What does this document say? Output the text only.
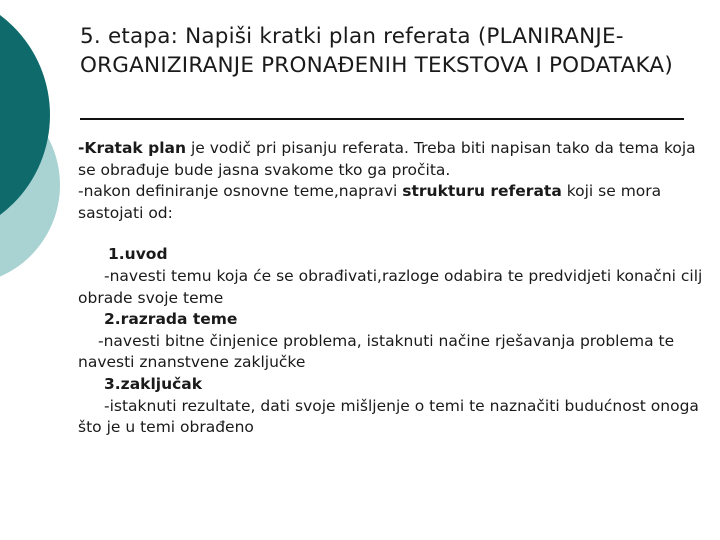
5. etapa: Napiši kratki plan referata (PLANIRANJE-ORGANIZIRANJE PRONAĐENIH TEKSTOVA I PODATAKA)

-Kratak plan je vodič pri pisanju referata. Treba biti napisan tako da tema koja se obrađuje bude jasna svakome tko ga pročita.

-nakon definiranje osnovne teme,napravi strukturu referata koji se mora sastojati od:

1.uvod

-navesti temu koja će se obrađivati,razloge odabira te predvidjeti konačni cilj obrade svoje teme

2.razrada teme

-navesti bitne činjenice problema, istaknuti načine rješavanja problema te navesti znanstvene zaključke

3.zaključak

-istaknuti rezultate, dati svoje mišljenje o temi te naznačiti budućnost onoga što je u temi obrađeno
